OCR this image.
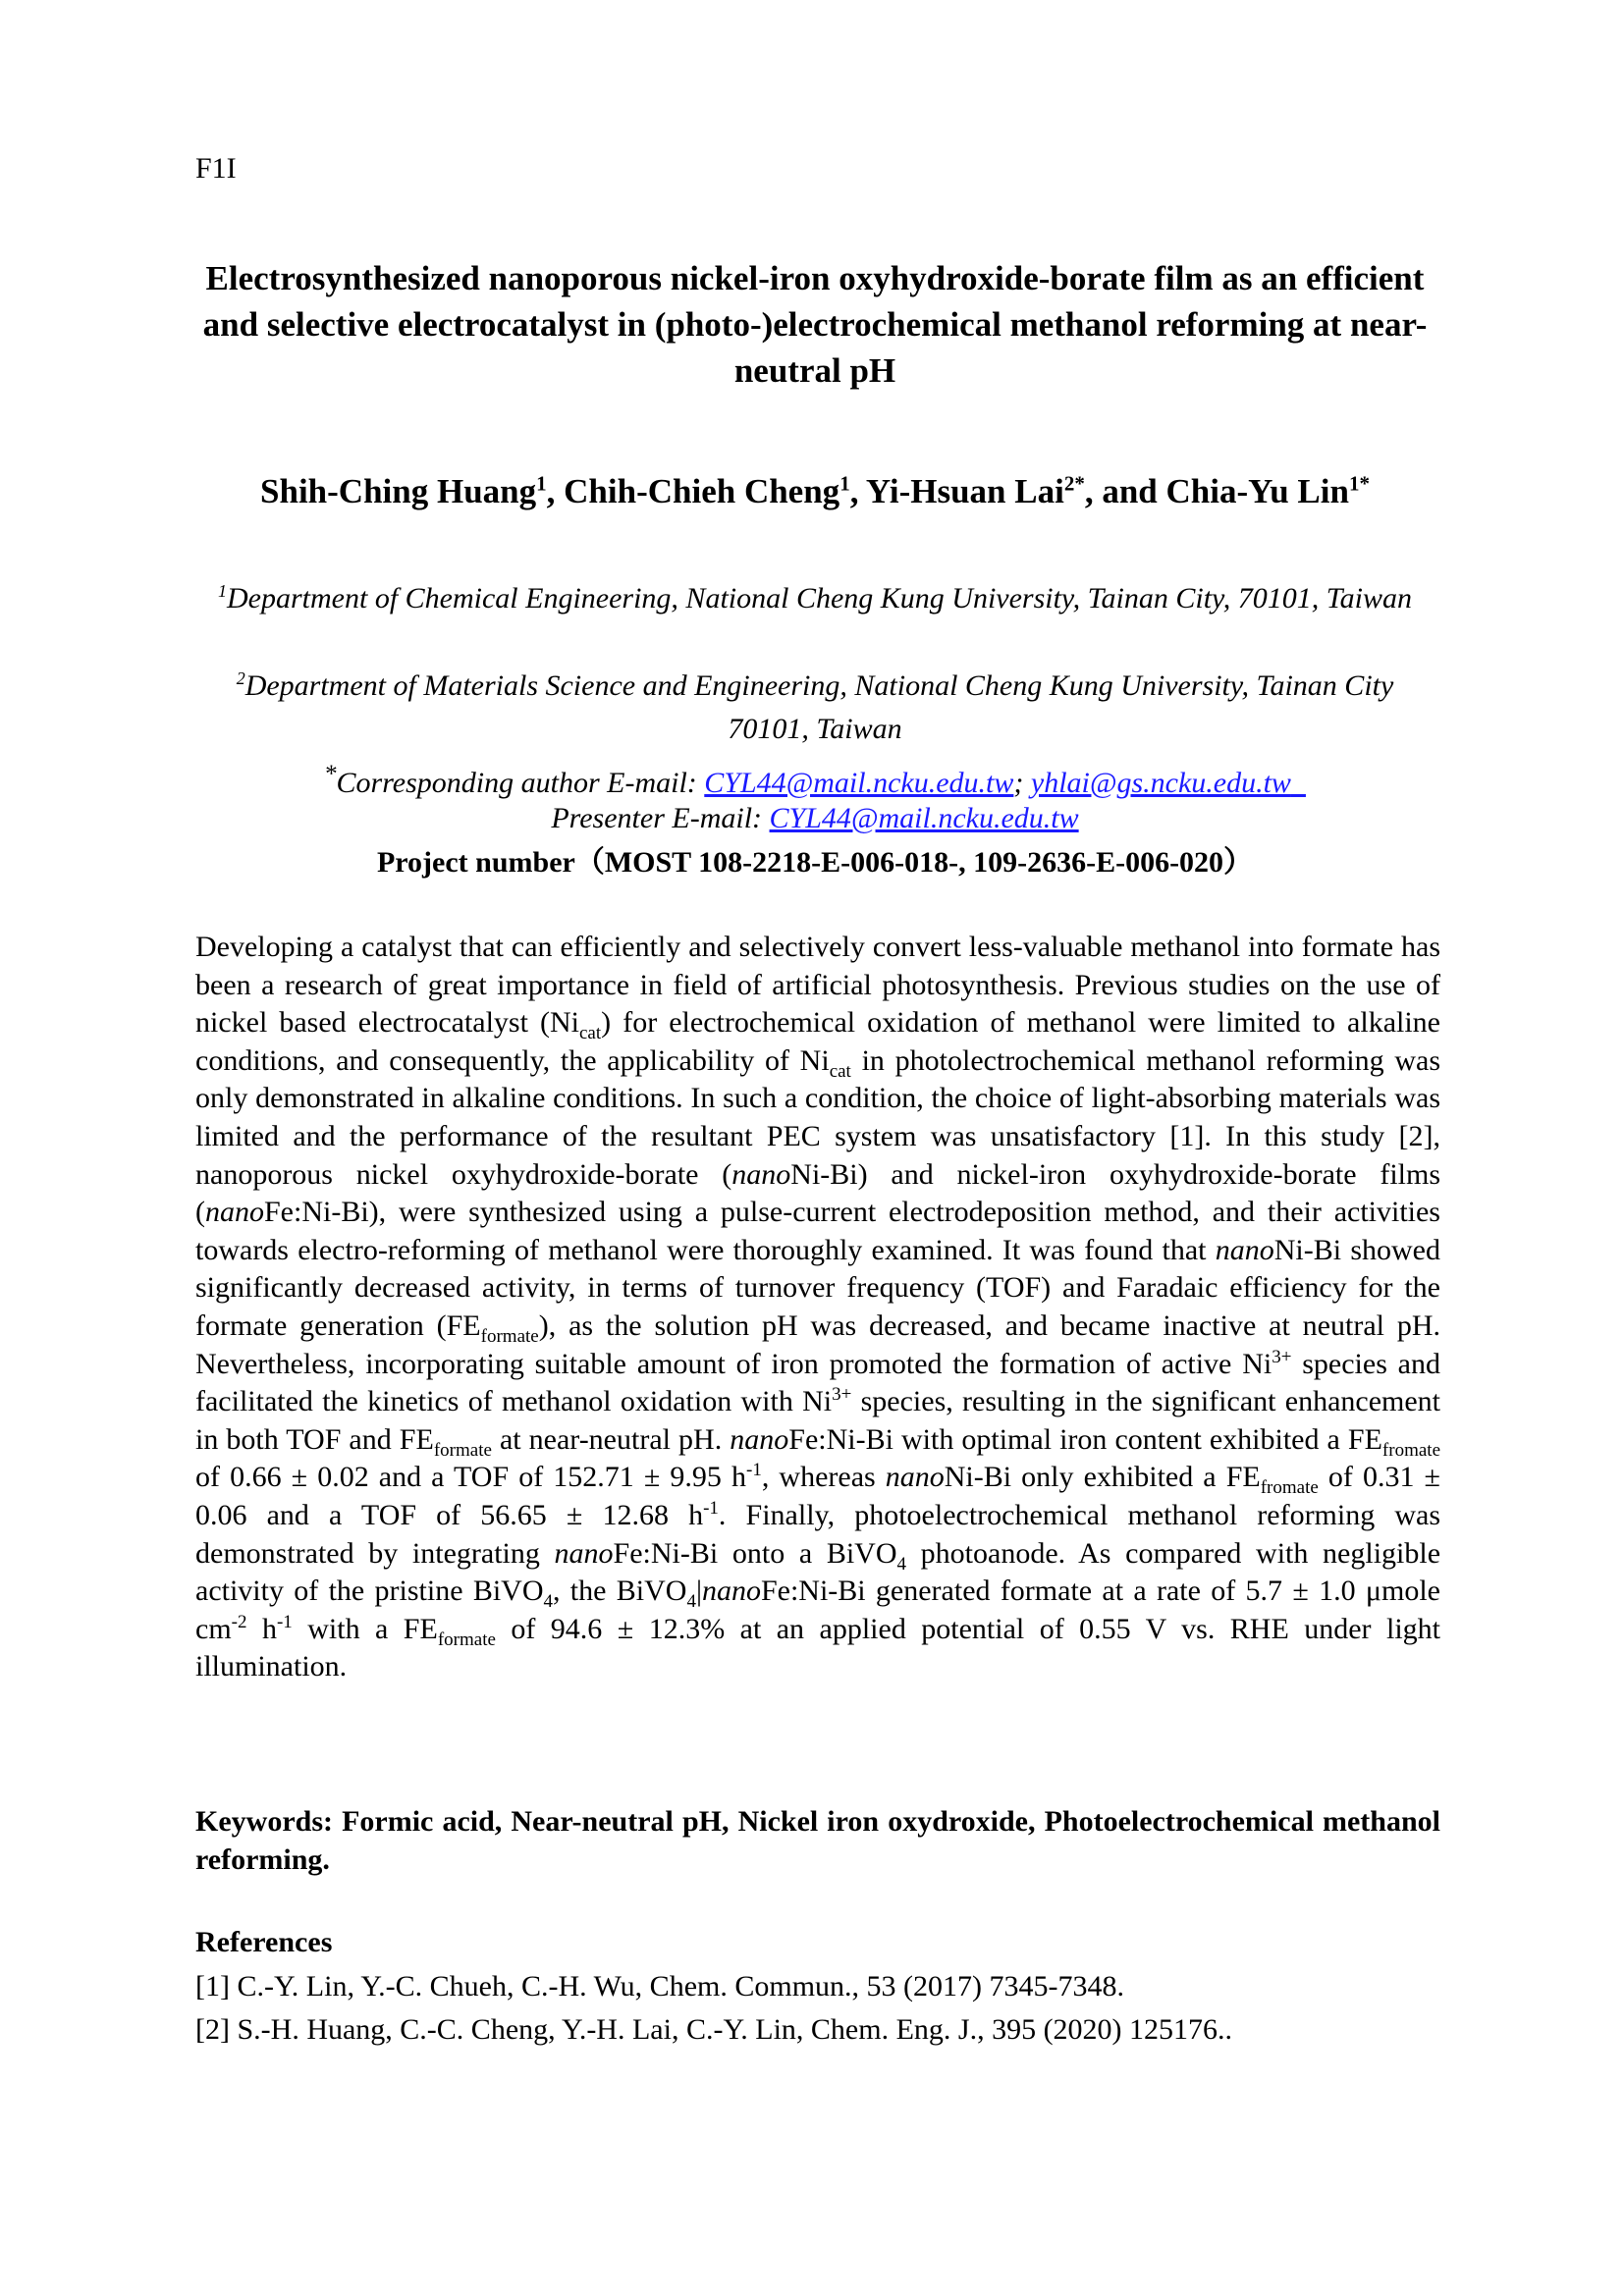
F1I
Electrosynthesized nanoporous nickel-iron oxyhydroxide-borate film as an efficient and selective electrocatalyst in (photo-)electrochemical methanol reforming at near-neutral pH
Shih-Ching Huang$^1$, Chih-Chieh Cheng$^1$, Yi-Hsuan Lai$^{2*}$, and Chia-Yu Lin$^{1*}$
$^1$Department of Chemical Engineering, National Cheng Kung University, Tainan City, 70101, Taiwan
$^2$Department of Materials Science and Engineering, National Cheng Kung University, Tainan City 70101, Taiwan
*Corresponding author E-mail: CYL44@mail.ncku.edu.tw; yhlai@gs.ncku.edu.tw
Presenter E-mail: CYL44@mail.ncku.edu.tw
Project number（MOST 108-2218-E-006-018-, 109-2636-E-006-020）
Developing a catalyst that can efficiently and selectively convert less-valuable methanol into formate has been a research of great importance in field of artificial photosynthesis. Previous studies on the use of nickel based electrocatalyst $(Ni_{cat})$ for electrochemical oxidation of methanol were limited to alkaline conditions, and consequently, the applicability of $Ni_{cat}$ in photolectrochemical methanol reforming was only demonstrated in alkaline conditions. In such a condition, the choice of light-absorbing materials was limited and the performance of the resultant PEC system was unsatisfactory [1]. In this study [2], nanoporous nickel oxyhydroxide-borate (nanoNi-Bi) and nickel-iron oxyhydroxide-borate films (nanoFe:Ni-Bi), were synthesized using a pulse-current electrodeposition method, and their activities towards electro-reforming of methanol were thoroughly examined. It was found that nanoNi-Bi showed significantly decreased activity, in terms of turnover frequency (TOF) and Faradaic efficiency for the formate generation $(FE_{formate})$, as the solution pH was decreased, and became inactive at neutral pH. Nevertheless, incorporating suitable amount of iron promoted the formation of active $Ni^{3+}$ species and facilitated the kinetics of methanol oxidation with $Ni^{3+}$ species, resulting in the significant enhancement in both TOF and $FE_{formate}$ at near-neutral pH. nanoFe:Ni-Bi with optimal iron content exhibited a $FE_{fromate}$ of 0.66 ± 0.02 and a TOF of 152.71 ± 9.95 $h^{-1}$, whereas nanoNi-Bi only exhibited a $FE_{fromate}$ of 0.31 ± 0.06 and a TOF of 56.65 ± 12.68 $h^{-1}$. Finally, photoelectrochemical methanol reforming was demonstrated by integrating nanoFe:Ni-Bi onto a BiVO$_4$ photoanode. As compared with negligible activity of the pristine BiVO$_4$, the BiVO$_4$|nanoFe:Ni-Bi generated formate at a rate of 5.7 ± 1.0 μmole $cm^{-2}$ $h^{-1}$ with a $FE_{formate}$ of 94.6 ± 12.3% at an applied potential of 0.55 V vs. RHE under light illumination.
Keywords: Formic acid, Near-neutral pH, Nickel iron oxydroxide, Photoelectrochemical methanol reforming.
References
[1] C.-Y. Lin, Y.-C. Chueh, C.-H. Wu, Chem. Commun., 53 (2017) 7345-7348.
[2] S.-H. Huang, C.-C. Cheng, Y.-H. Lai, C.-Y. Lin, Chem. Eng. J., 395 (2020) 125176..
